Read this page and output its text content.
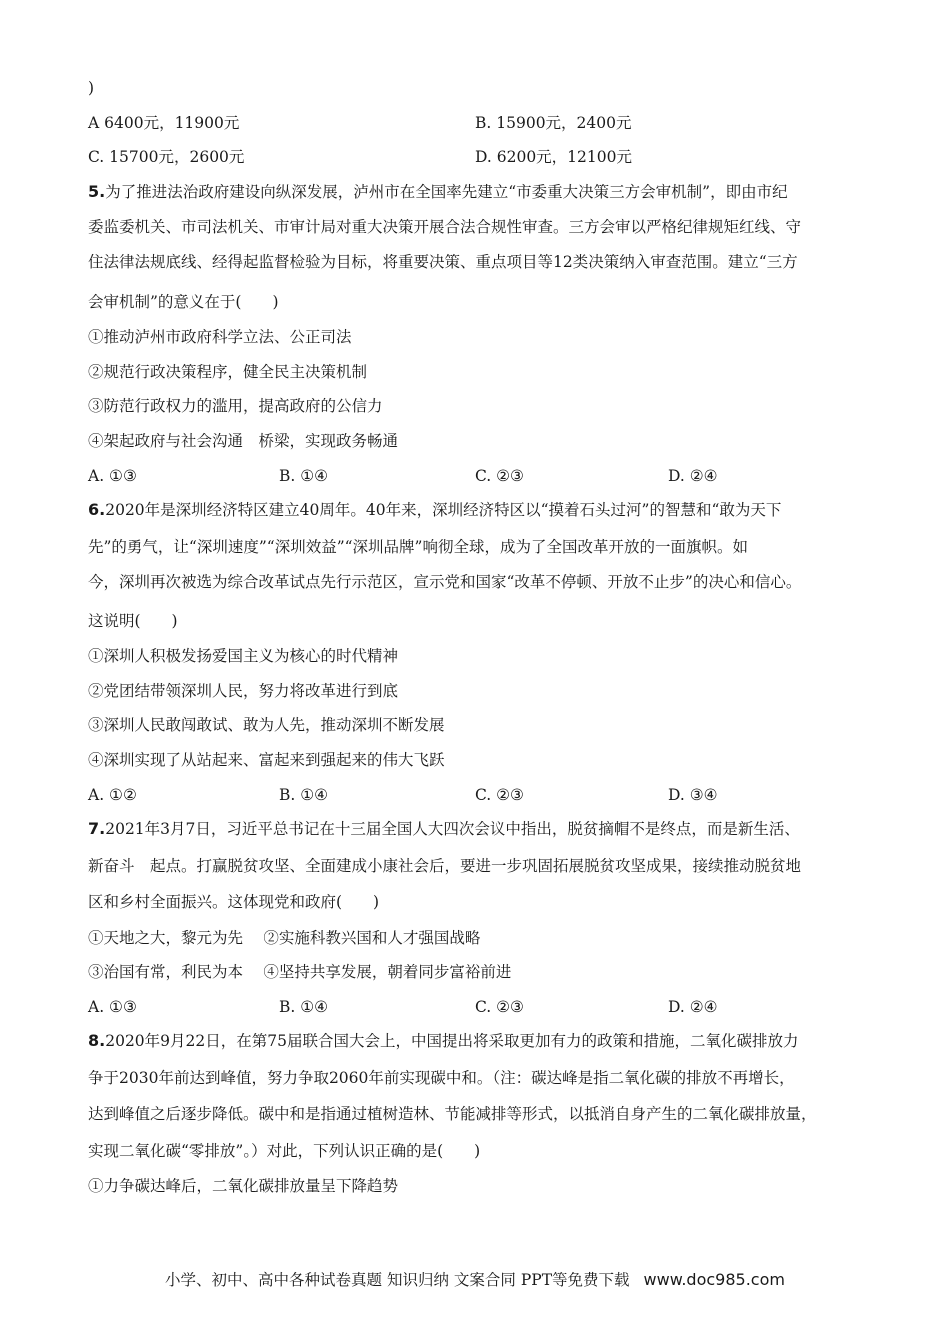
)
A 6400元，11900元	B. 15900元，2400元
C. 15700元，2600元	D. 6200元，12100元
5.为了推进法治政府建设向纵深发展，泸州市在全国率先建立“市委重大决策三方会审机制”，即由市纪
委监委机关、市司法机关、市审计局对重大决策开展合法合规性审查。三方会审以严格纪律规矩红线、守
住法律法规底线、经得起监督检验为目标，将重要决策、重点项目等12类决策纳入审查范围。建立“三方
会审机制”的意义在于(　　)
①推动泸州市政府科学立法、公正司法
②规范行政决策程序，健全民主决策机制
③防范行政权力的滥用，提高政府的公信力
④架起政府与社会沟通　桥梁，实现政务畅通
A. ①③	B. ①④	C. ②③	D. ②④
6.2020年是深圳经济特区建立40周年。40年来，深圳经济特区以“摸着石头过河”的智慧和“敢为天下
先”的勇气，让“深圳速度”“深圳效益”“深圳品牌”响彻全球，成为了全国改革开放的一面旗帜。如
今，深圳再次被选为综合改革试点先行示范区，宣示党和国家“改革不停顿、开放不止步”的决心和信心。
这说明(　　)
①深圳人积极发扬爱国主义为核心的时代精神
②党团结带领深圳人民，努力将改革进行到底
③深圳人民敢闯敢试、敢为人先，推动深圳不断发展
④深圳实现了从站起来、富起来到强起来的伟大飞跃
A. ①②	B. ①④	C. ②③	D. ③④
7.2021年3月7日，习近平总书记在十三届全国人大四次会议中指出，脱贫摘帽不是终点，而是新生活、
新奋斗　起点。打赢脱贫攻坚、全面建成小康社会后，要进一步巩固拓展脱贫攻坚成果，接续推动脱贫地
区和乡村全面振兴。这体现党和政府(　　)
①天地之大，黎元为先　 ②实施科教兴国和人才强国战略
③治国有常，利民为本　 ④坚持共享发展，朝着同步富裕前进
A. ①③	B. ①④	C. ②③	D. ②④
8.2020年9月22日，在第75届联合国大会上，中国提出将采取更加有力的政策和措施，二氧化碳排放力
争于2030年前达到峰值，努力争取2060年前实现碳中和。（注：碳达峰是指二氧化碳的排放不再增长，
达到峰值之后逐步降低。碳中和是指通过植树造林、节能减排等形式，以抵消自身产生的二氧化碳排放量，
实现二氧化碳“零排放”。）对此，下列认识正确的是(　　)
①力争碳达峰后，二氧化碳排放量呈下降趋势
小学、初中、高中各种试卷真题 知识归纳 文案合同 PPT等免费下载 www.doc985.com
